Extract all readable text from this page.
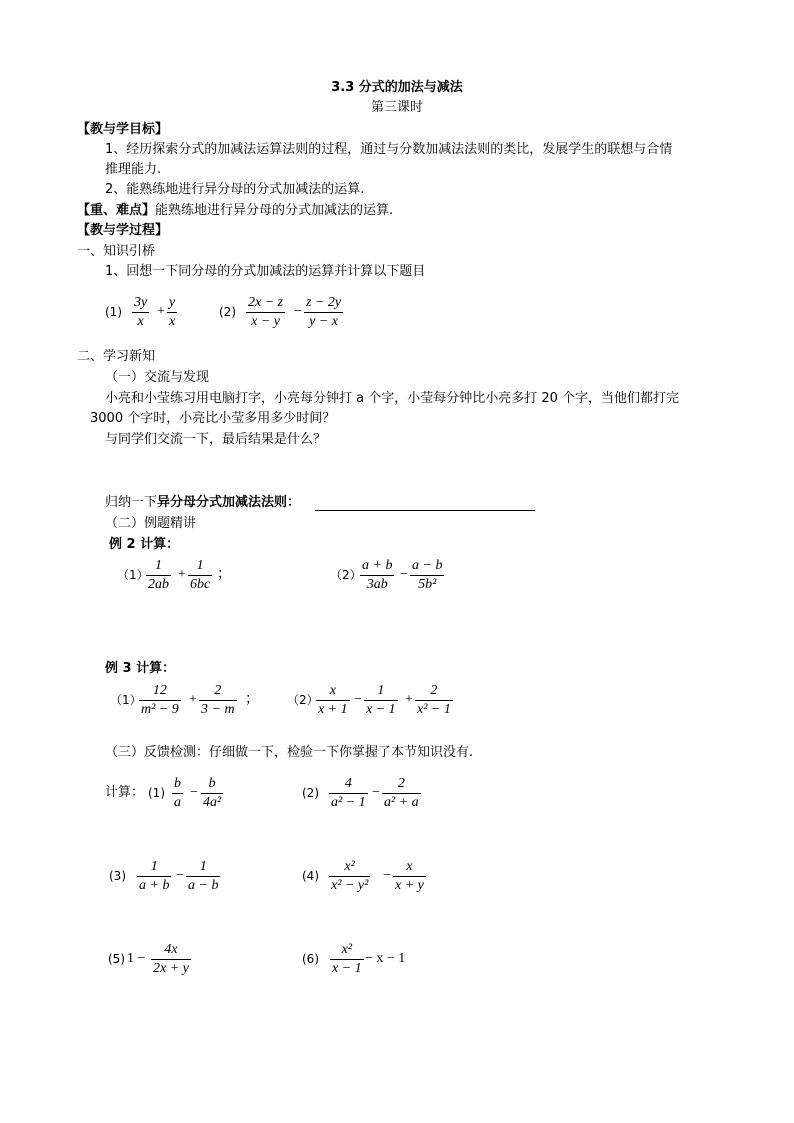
3.3 分式的加法与减法
第三课时
【教与学目标】
1、经历探索分式的加减法运算法则的过程，通过与分数加减法法则的类比，发展学生的联想与合情
推理能力.
2、能熟练地进行异分母的分式加减法的运算.
【重、难点】能熟练地进行异分母的分式加减法的运算.
【教与学过程】
一、知识引桥
1、回想一下同分母的分式加减法的运算并计算以下题目
$(1) \frac{3y}{x} + \frac{y}{x}$	$(2) \frac{2x - z}{x - y} - \frac{z - 2y}{y - x}$
二、学习新知
（一）交流与发现
小亮和小莹练习用电脑打字，小亮每分钟打 a 个字，小莹每分钟比小亮多打 20 个字，当他们都打完
3000 个字时，小亮比小莹多用多少时间？
与同学们交流一下，最后结果是什么？
归纳一下异分母分式加减法法则：
（二）例题精讲
例 2 计算：
（1）
$\frac{1}{2ab} + \frac{1}{6bc}$ ；	（2）
$\frac{a + b}{3ab} - \frac{a - b}{\text{5b²}}$
例 3 计算：
（1）
$\frac{12}{\text{m² − 9}} + \frac{2}{3 - m}$ ； （2）
$\frac{x}{x + 1} - \frac{1}{x - 1} + \frac{2}{\text{x² − 1}}$
（三）反馈检测：仔细做一下，检验一下你掌握了本节知识没有.
计算： $(1) \frac{b}{a} - \frac{b}{\text{4a²}}$	$(2) \frac{4}{\text{a² − 1}} - \frac{2}{\text{a² + a}}$
$(3) \frac{1}{a + b} - \frac{1}{a - b}$	$(4) \frac{\text{x²}}{\text{x² − y²}} - \frac{x}{x + y}$
(5) $1 - \frac{4x}{2x + y}$	$(6) \frac{\text{x²}}{x - 1} - x - 1$
